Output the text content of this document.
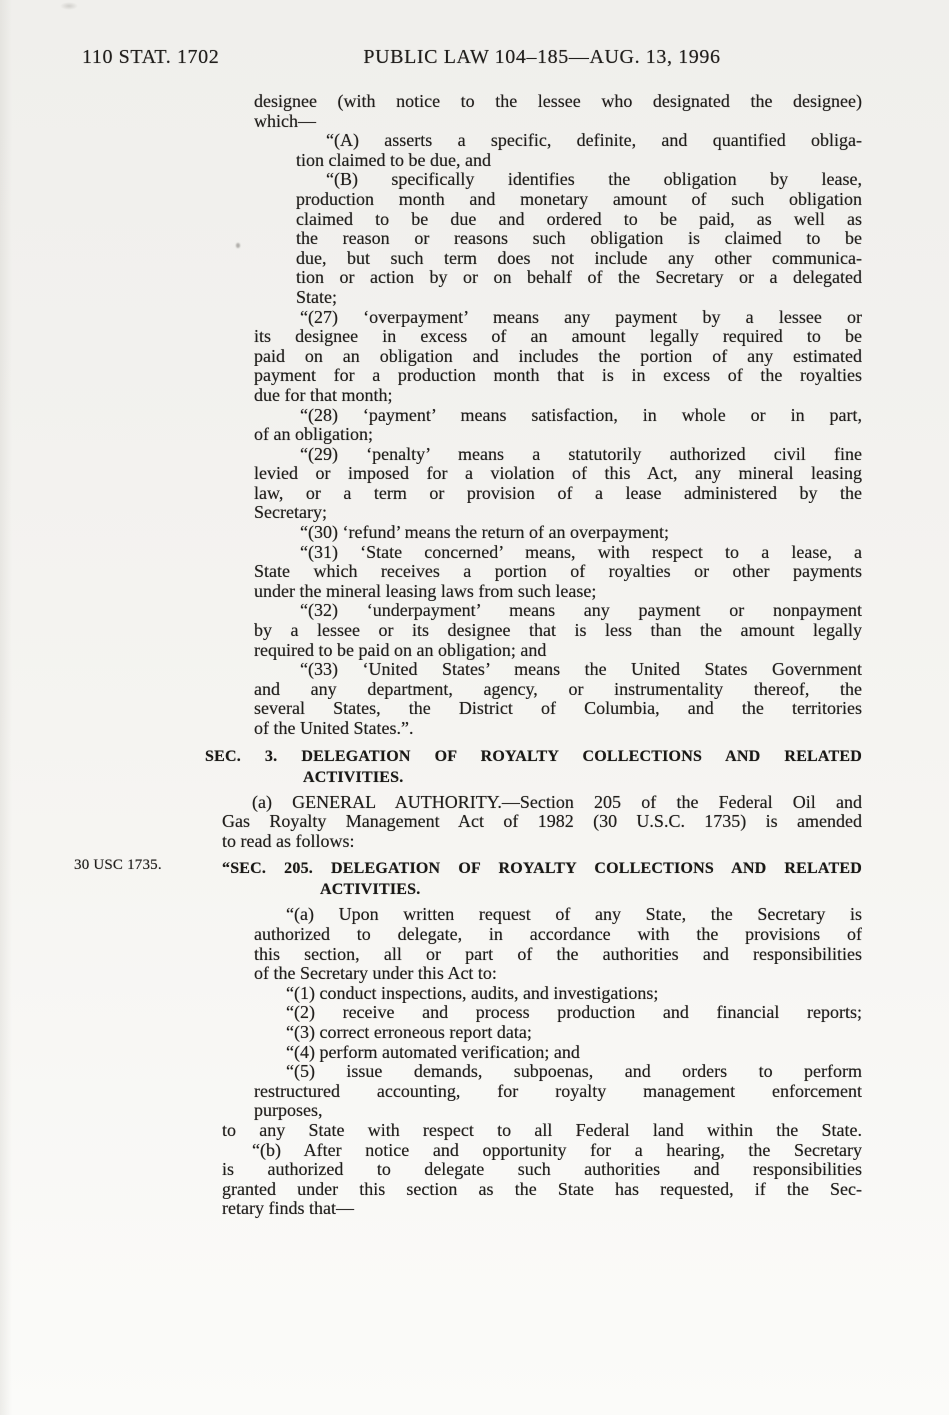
110 STAT. 1702	PUBLIC LAW 104–185—AUG. 13, 1996
30 USC 1735.
designee (with notice to the lessee who designated the designee)
which—
“(A) asserts a specific, definite, and quantified obliga-
tion claimed to be due, and
“(B) specifically identifies the obligation by lease,
production month and monetary amount of such obligation
claimed to be due and ordered to be paid, as well as
the reason or reasons such obligation is claimed to be
due, but such term does not include any other communica-
tion or action by or on behalf of the Secretary or a delegated
State;
“(27) ‘overpayment’ means any payment by a lessee or
its designee in excess of an amount legally required to be
paid on an obligation and includes the portion of any estimated
payment for a production month that is in excess of the royalties
due for that month;
“(28) ‘payment’ means satisfaction, in whole or in part,
of an obligation;
“(29) ‘penalty’ means a statutorily authorized civil fine
levied or imposed for a violation of this Act, any mineral leasing
law, or a term or provision of a lease administered by the
Secretary;
“(30) ‘refund’ means the return of an overpayment;
“(31) ‘State concerned’ means, with respect to a lease, a
State which receives a portion of royalties or other payments
under the mineral leasing laws from such lease;
“(32) ‘underpayment’ means any payment or nonpayment
by a lessee or its designee that is less than the amount legally
required to be paid on an obligation; and
“(33) ‘United States’ means the United States Government
and any department, agency, or instrumentality thereof, the
several States, the District of Columbia, and the territories
of the United States.”.
SEC. 3. DELEGATION OF ROYALTY COLLECTIONS AND RELATED
ACTIVITIES.
(a) GENERAL AUTHORITY.—Section 205 of the Federal Oil and
Gas Royalty Management Act of 1982 (30 U.S.C. 1735) is amended
to read as follows:
“SEC. 205. DELEGATION OF ROYALTY COLLECTIONS AND RELATED
ACTIVITIES.
“(a) Upon written request of any State, the Secretary is
authorized to delegate, in accordance with the provisions of
this section, all or part of the authorities and responsibilities
of the Secretary under this Act to:
“(1) conduct inspections, audits, and investigations;
“(2) receive and process production and financial reports;
“(3) correct erroneous report data;
“(4) perform automated verification; and
“(5) issue demands, subpoenas, and orders to perform
restructured accounting, for royalty management enforcement
purposes,
to any State with respect to all Federal land within the State.
“(b) After notice and opportunity for a hearing, the Secretary
is authorized to delegate such authorities and responsibilities
granted under this section as the State has requested, if the Sec-
retary finds that—
